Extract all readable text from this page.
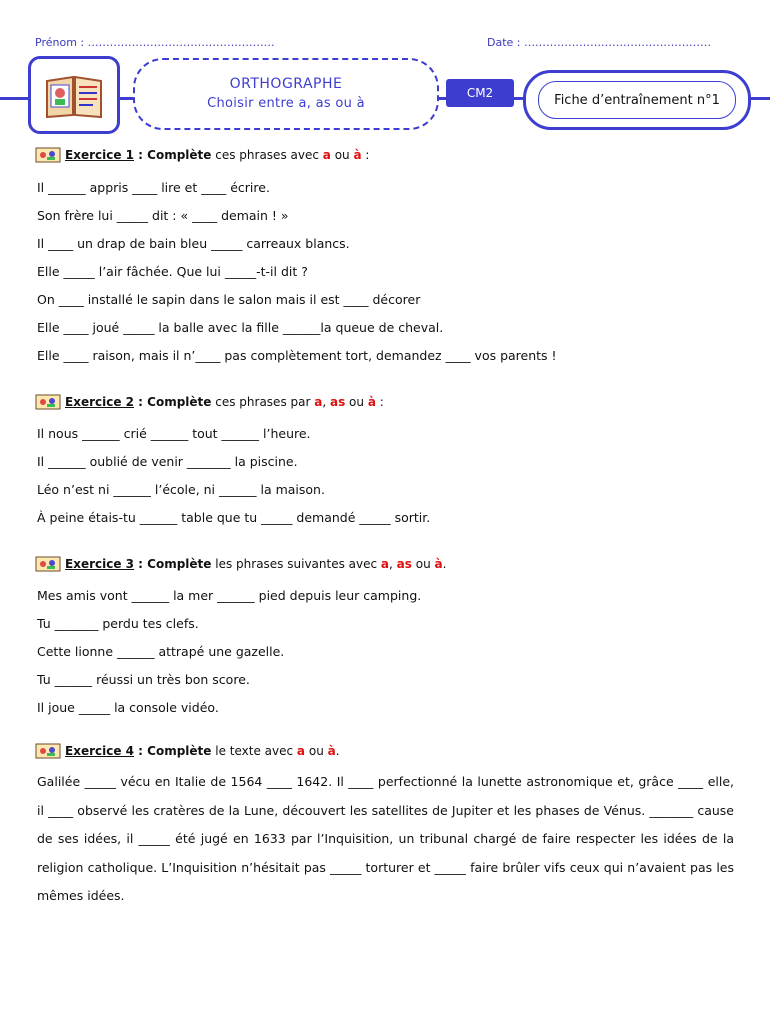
Prénom : ……………………………………………	Date : ……………………………………………
ORTHOGRAPHE
Choisir entre a, as ou à
CM2	Fiche d’entraînement n°1
Exercice 1 : Complète ces phrases avec a ou à :
Il ______ appris ____ lire et ____ écrire.
Son frère lui _____ dit : « ____ demain ! »
Il ____ un drap de bain bleu _____ carreaux blancs.
Elle _____ l’air fâchée. Que lui _____-t-il dit ?
On ____ installé le sapin dans le salon mais il est ____ décorer
Elle ____ joué _____ la balle avec la fille ______la queue de cheval.
Elle ____ raison, mais il n’____ pas complètement tort, demandez ____ vos parents !
Exercice 2 : Complète ces phrases par a , as ou à :
Il nous ______ crié ______ tout ______ l’heure.
Il ______ oublié de venir _______ la piscine.
Léo n’est ni ______ l’école, ni ______ la maison.
À peine étais-tu ______ table que tu _____ demandé _____ sortir.
Exercice 3 : Complète les phrases suivantes avec a , as ou à .
Mes amis vont ______ la mer ______ pied depuis leur camping.
Tu _______ perdu tes clefs.
Cette lionne ______ attrapé une gazelle.
Tu ______ réussi un très bon score.
Il joue _____ la console vidéo.
Exercice 4 : Complète le texte avec a ou à .
Galilée _____ vécu en Italie de 1564 ____ 1642. Il ____ perfectionné la lunette astronomique et, grâce ____ elle, il ____ observé les cratères de la Lune, découvert les satellites de Jupiter et les phases de Vénus. _______ cause de ses idées, il _____ été jugé en 1633 par l’Inquisition, un tribunal chargé de faire respecter les idées de la religion catholique. L’Inquisition n’hésitait pas _____ torturer et _____ faire brûler vifs ceux qui n’avaient pas les mêmes idées.
